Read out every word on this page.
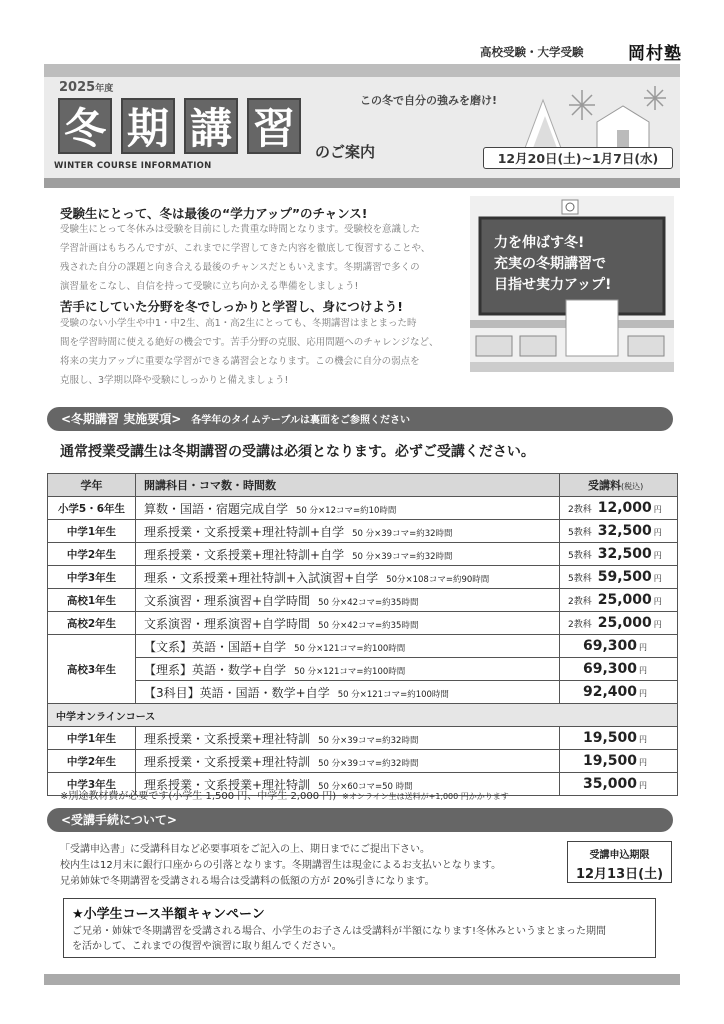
高校受験・大学受験	岡村塾
2025年度
冬 期 講 習
WINTER COURSE INFORMATION
のご案内
この冬で自分の強みを磨け!
12月20日(土)~1月7日(水)
受験生にとって、冬は最後の“学力アップ”のチャンス!
受験生にとって冬休みは受験を目前にした貴重な時間となります。受験校を意識した
学習計画はもちろんですが、これまでに学習してきた内容を徹底して復習することや、
残された自分の課題と向き合える最後のチャンスだともいえます。冬期講習で多くの
演習量をこなし、自信を持って受験に立ち向かえる準備をしましょう!
苦手にしていた分野を冬でしっかりと学習し、身につけよう!
受験のない小学生や中1・中2生、高1・高2生にとっても、冬期講習はまとまった時
間を学習時間に使える絶好の機会です。苦手分野の克服、応用問題へのチャレンジなど、
将来の実力アップに重要な学習ができる講習会となります。この機会に自分の弱点を
克服し、3学期以降や受験にしっかりと備えましょう!
力を伸ばす冬!
充実の冬期講習で
目指せ実力アップ!
<冬期講習 実施要項> 各学年のタイムテーブルは裏面をご参照ください
通常授業受講生は冬期講習の受講は必須となります。必ずご受講ください。
学年	開講科目・コマ数・時間数	受講料(税込)
小学5・6年生	算数・国語・宿題完成自学 50 分×12コマ=約10時間	2教科 12,000 円
中学1年生	理系授業・文系授業+理社特訓+自学 50 分×39コマ=約32時間	5教科 32,500 円
中学2年生	理系授業・文系授業+理社特訓+自学 50 分×39コマ=約32時間	5教科 32,500 円
中学3年生	理系・文系授業+理社特訓+入試演習+自学 50分×108コマ=約90時間	5教科 59,500 円
高校1年生	文系演習・理系演習+自学時間 50 分×42コマ=約35時間	2教科 25,000 円
高校2年生	文系演習・理系演習+自学時間 50 分×42コマ=約35時間	2教科 25,000 円
高校3年生	【文系】英語・国語+自学 50 分×121コマ=約100時間	69,300 円
	【理系】英語・数学+自学 50 分×121コマ=約100時間	69,300 円
	【3科目】英語・国語・数学+自学 50 分×121コマ=約100時間	92,400 円
中学オンラインコース		
中学1年生	理系授業・文系授業+理社特訓 50 分×39コマ=約32時間	19,500 円
中学2年生	理系授業・文系授業+理社特訓 50 分×39コマ=約32時間	19,500 円
中学3年生	理系授業・文系授業+理社特訓 50 分×60コマ=50 時間	35,000 円
※別途教材費が必要です(小学生 1,500 円、中学生 2,000 円) ※オンライン生は送料が+1,000 円かかります
<受講手続について>
「受講申込書」に受講科目など必要事項をご記入の上、期日までにご提出下さい。
校内生は12月末に銀行口座からの引落となります。冬期講習生は現金によるお支払いとなります。
兄弟姉妹で冬期講習を受講される場合は受講料の低額の方が 20%引きになります。
受講申込期限
12月13日(土)
★小学生コース半額キャンペーン
ご兄弟・姉妹で冬期講習を受講される場合、小学生のお子さんは受講料が半額になります!冬休みというまとまった期間
を活かして、これまでの復習や演習に取り組んでください。
